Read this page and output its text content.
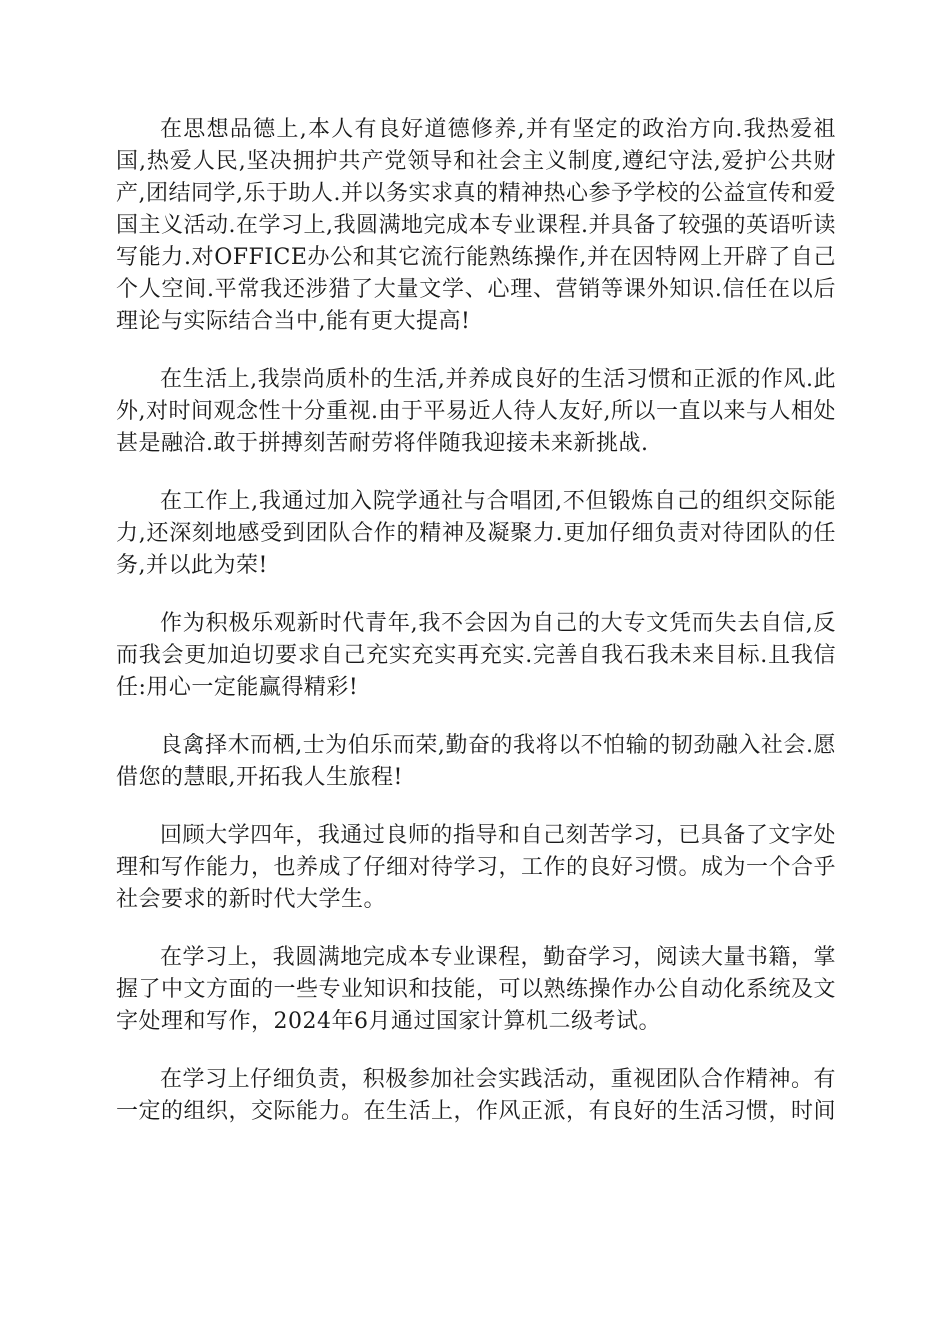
在思想品德上,本人有良好道德修养,并有坚定的政治方向.我热爱祖国,热爱人民,坚决拥护共产党领导和社会主义制度,遵纪守法,爱护公共财产,团结同学,乐于助人.并以务实求真的精神热心参予学校的公益宣传和爱国主义活动.在学习上,我圆满地完成本专业课程.并具备了较强的英语听读写能力.对OFFICE办公和其它流行能熟练操作,并在因特网上开辟了自己个人空间.平常我还涉猎了大量文学、心理、营销等课外知识.信任在以后理论与实际结合当中,能有更大提高!

在生活上,我崇尚质朴的生活,并养成良好的生活习惯和正派的作风.此外,对时间观念性十分重视.由于平易近人待人友好,所以一直以来与人相处甚是融洽.敢于拼搏刻苦耐劳将伴随我迎接未来新挑战.

在工作上,我通过加入院学通社与合唱团,不但锻炼自己的组织交际能力,还深刻地感受到团队合作的精神及凝聚力.更加仔细负责对待团队的任务,并以此为荣!

作为积极乐观新时代青年,我不会因为自己的大专文凭而失去自信,反而我会更加迫切要求自己充实充实再充实.完善自我石我未来目标.且我信任:用心一定能赢得精彩!

良禽择木而栖,士为伯乐而荣,勤奋的我将以不怕输的韧劲融入社会.愿借您的慧眼,开拓我人生旅程!

回顾大学四年，我通过良师的指导和自己刻苦学习，已具备了文字处理和写作能力，也养成了仔细对待学习，工作的良好习惯。成为一个合乎社会要求的新时代大学生。

在学习上，我圆满地完成本专业课程，勤奋学习，阅读大量书籍，掌握了中文方面的一些专业知识和技能，可以熟练操作办公自动化系统及文字处理和写作，2024年6月通过国家计算机二级考试。

在学习上仔细负责，积极参加社会实践活动，重视团队合作精神。有一定的组织，交际能力。在生活上，作风正派，有良好的生活习惯，时间
